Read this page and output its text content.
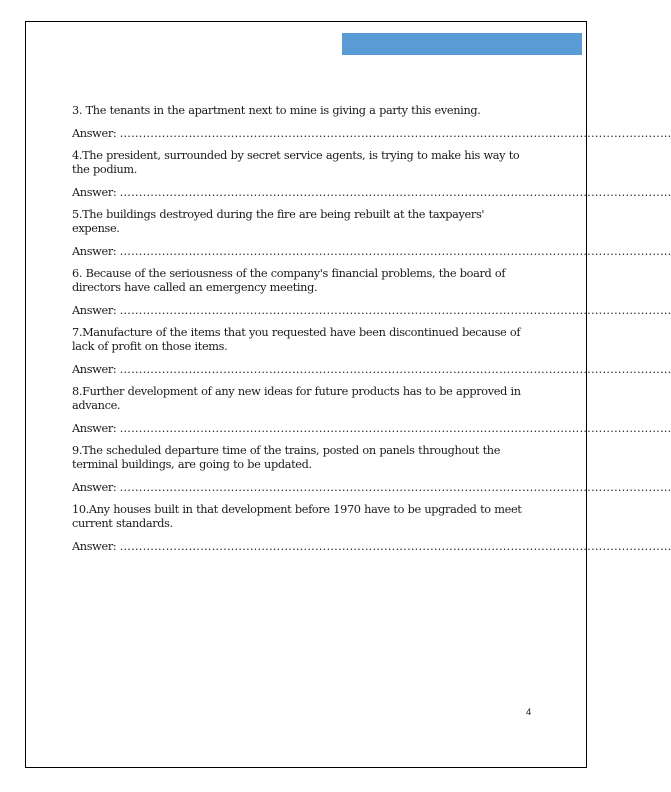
3. The tenants in the apartment next to mine is giving a party this evening.

Answer: ………………………………………………………………………………………………………………………………

4.The president, surrounded by secret service agents, is trying to make his way to the podium.

Answer: ………………………………………………………………………………………………………………………………

5.The buildings destroyed during the fire are being rebuilt at the taxpayers' expense.

Answer: ………………………………………………………………………………………………………………………………

6. Because of the seriousness of the company's financial problems, the board of directors have called an emergency meeting.

Answer: ………………………………………………………………………………………………………………………………

7.Manufacture of the items that you requested have been discontinued because of lack of profit on those items.

Answer: ………………………………………………………………………………………………………………………………

8.Further development of any new ideas for future products has to be approved in advance.

Answer: ………………………………………………………………………………………………………………………………

9.The scheduled departure time of the trains, posted on panels throughout the terminal buildings, are going to be updated.

Answer: ………………………………………………………………………………………………………………………………

10.Any houses built in that development before 1970 have to be upgraded to meet current standards.

Answer: ………………………………………………………………………………………………………………………………

4
